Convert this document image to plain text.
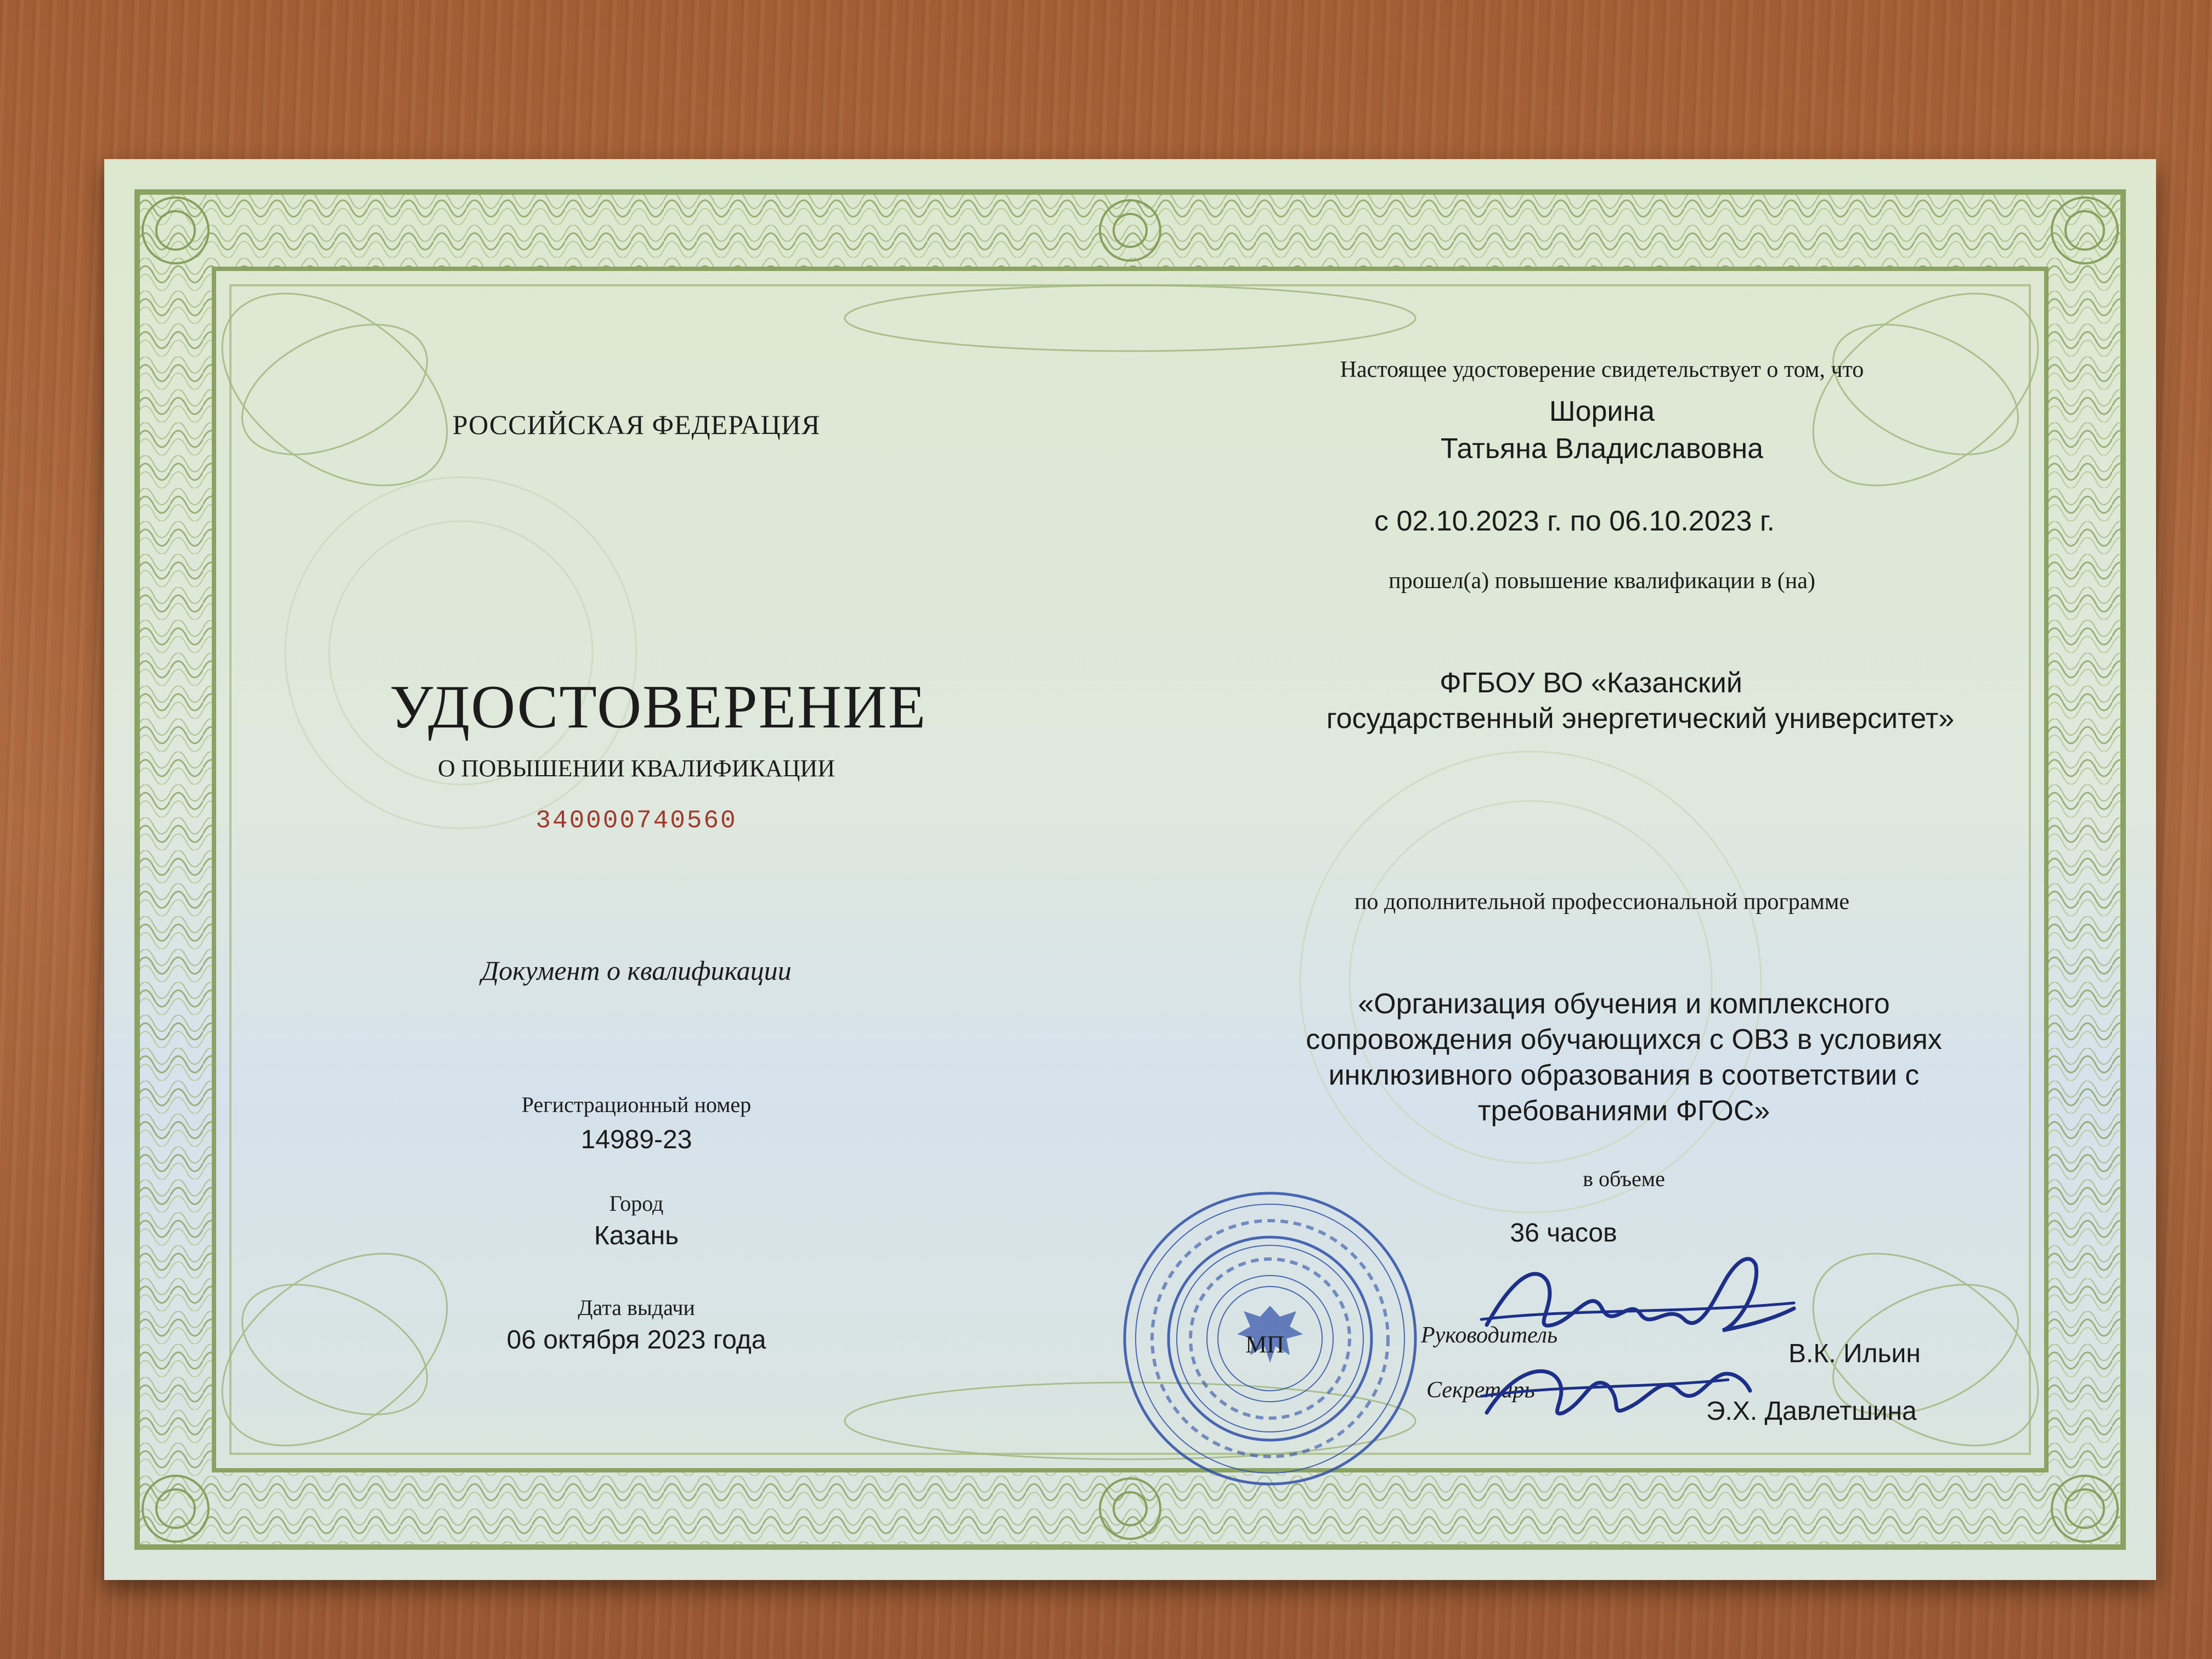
РОССИЙСКАЯ ФЕДЕРАЦИЯ
УДОСТОВЕРЕНИЕ
О ПОВЫШЕНИИ КВАЛИФИКАЦИИ
340000740560
Документ о квалификации
Регистрационный номер
14989-23
Город
Казань
Дата выдачи
06 октября 2023 года
Настоящее удостоверение свидетельствует о том, что
Шорина
Татьяна Владиславовна
с 02.10.2023 г. по 06.10.2023 г.
прошел(а) повышение квалификации в (на)
ФГБОУ ВО «Казанский
государственный энергетический университет»
по дополнительной профессиональной программе
«Организация обучения и комплексного
сопровождения обучающихся с ОВЗ в условиях
инклюзивного образования в соответствии с
требованиями ФГОС»
в объеме
36 часов
МП	Руководитель
В.К. Ильин
Секретарь
Э.Х. Давлетшина
